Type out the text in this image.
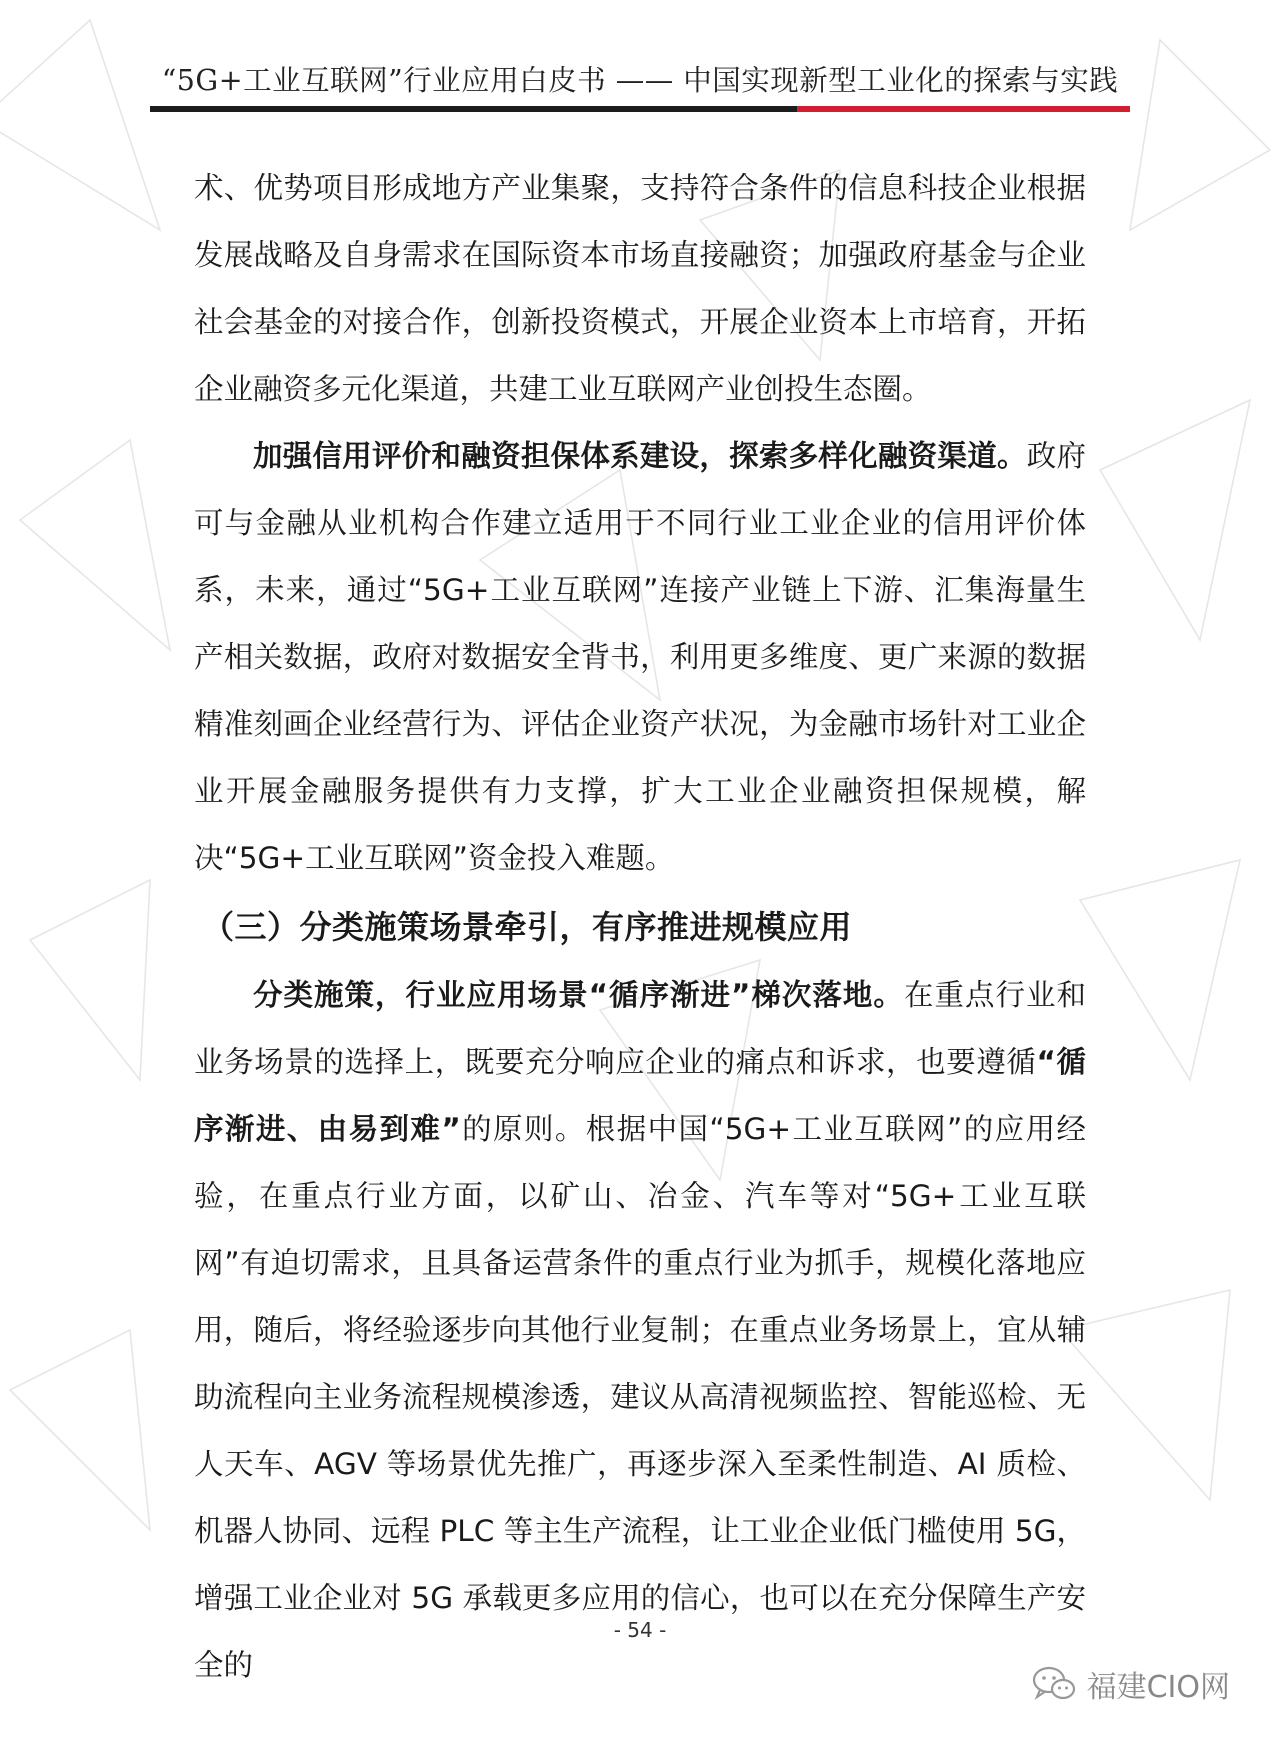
“5G+工业互联网”行业应用白皮书 —— 中国实现新型工业化的探索与实践

术、优势项目形成地方产业集聚，支持符合条件的信息科技企业根据发展战略及自身需求在国际资本市场直接融资；加强政府基金与企业社会基金的对接合作，创新投资模式，开展企业资本上市培育，开拓企业融资多元化渠道，共建工业互联网产业创投生态圈。

加强信用评价和融资担保体系建设，探索多样化融资渠道。政府可与金融从业机构合作建立适用于不同行业工业企业的信用评价体系，未来，通过“5G+工业互联网”连接产业链上下游、汇集海量生产相关数据，政府对数据安全背书，利用更多维度、更广来源的数据精准刻画企业经营行为、评估企业资产状况，为金融市场针对工业企业开展金融服务提供有力支撑，扩大工业企业融资担保规模，解决“5G+工业互联网”资金投入难题。

（三）分类施策场景牵引，有序推进规模应用

分类施策，行业应用场景“循序渐进”梯次落地。在重点行业和业务场景的选择上，既要充分响应企业的痛点和诉求，也要遵循“循序渐进、由易到难”的原则。根据中国“5G+工业互联网”的应用经验，在重点行业方面，以矿山、冶金、汽车等对“5G+工业互联网”有迫切需求，且具备运营条件的重点行业为抓手，规模化落地应用，随后，将经验逐步向其他行业复制；在重点业务场景上，宜从辅助流程向主业务流程规模渗透，建议从高清视频监控、智能巡检、无人天车、AGV 等场景优先推广，再逐步深入至柔性制造、AI 质检、机器人协同、远程 PLC 等主生产流程，让工业企业低门槛使用 5G，增强工业企业对 5G 承载更多应用的信心，也可以在充分保障生产安全的

- 54 -
福建CIO网
